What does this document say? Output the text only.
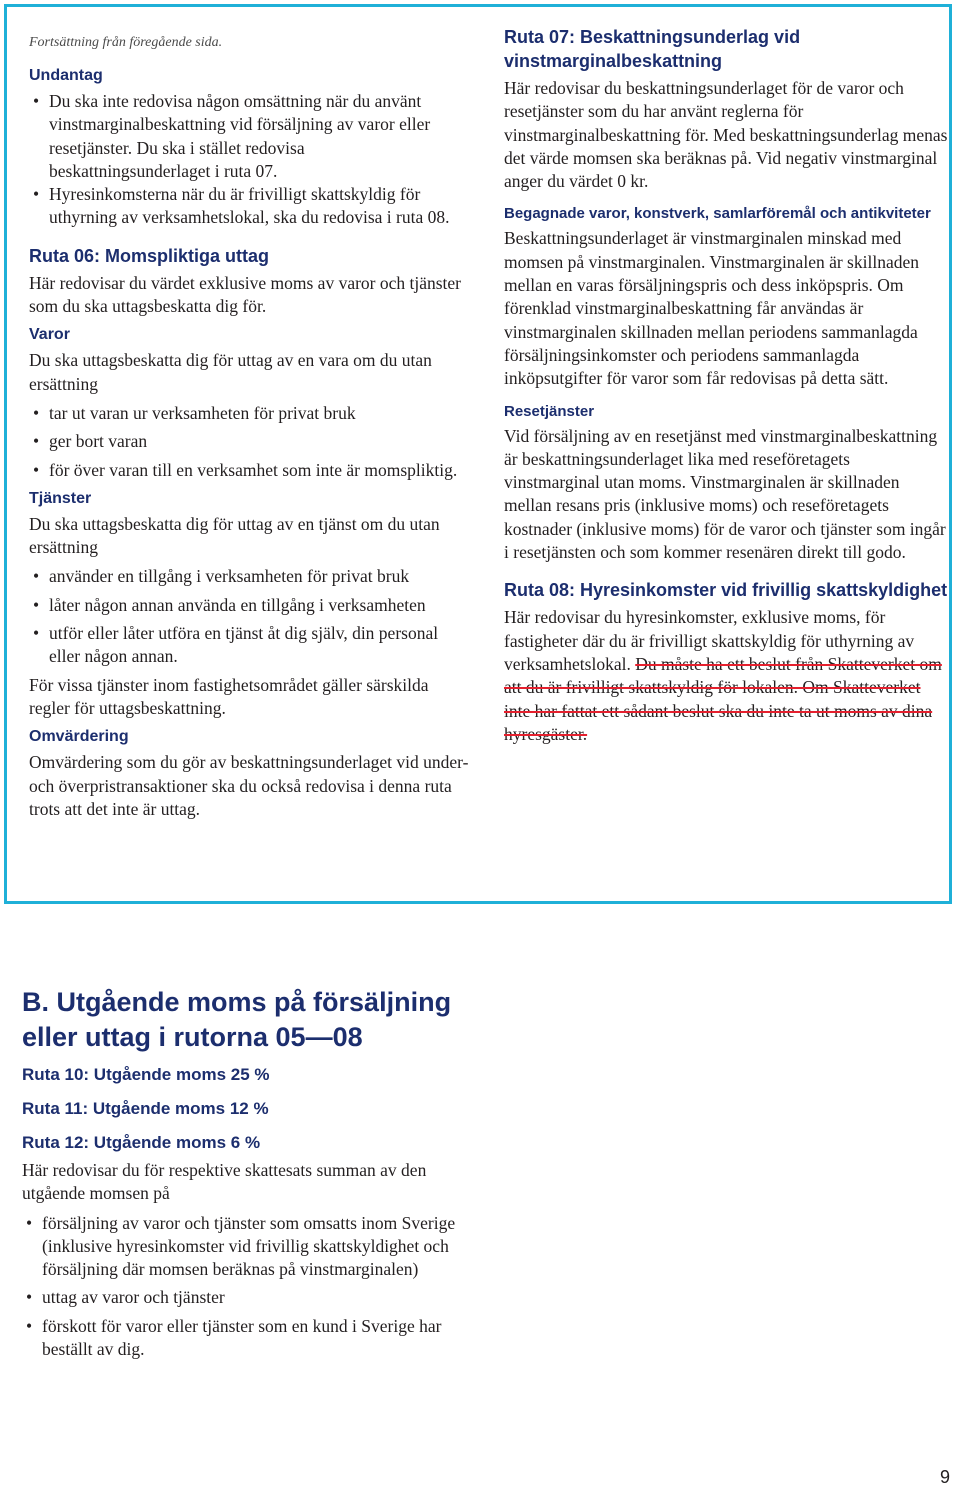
Fortsättning från föregående sida.
Undantag
• Du ska inte redovisa någon omsättning när du använt vinstmarginalbeskattning vid försäljning av varor eller resetjänster. Du ska i stället redovisa beskattningsunderlaget i ruta 07.
• Hyresinkomsterna när du är frivilligt skattskyldig för uthyrning av verksamhetslokal, ska du redovisa i ruta 08.
Ruta 06: Momspliktiga uttag
Här redovisar du värdet exklusive moms av varor och tjänster som du ska uttagsbeskatta dig för.
Varor
Du ska uttagsbeskatta dig för uttag av en vara om du utan ersättning
• tar ut varan ur verksamheten för privat bruk
• ger bort varan
• för över varan till en verksamhet som inte är momspliktig.
Tjänster
Du ska uttagsbeskatta dig för uttag av en tjänst om du utan ersättning
• använder en tillgång i verksamheten för privat bruk
• låter någon annan använda en tillgång i verksamheten
• utför eller låter utföra en tjänst åt dig själv, din personal eller någon annan.
För vissa tjänster inom fastighetsområdet gäller särskilda regler för uttagsbeskattning.
Omvärdering
Omvärdering som du gör av beskattningsunderlaget vid under- och överpristransaktioner ska du också redovisa i denna ruta trots att det inte är uttag.
Ruta 07: Beskattningsunderlag vid vinstmarginalbeskattning
Här redovisar du beskattningsunderlaget för de varor och resetjänster som du har använt reglerna för vinstmarginalbeskattning för. Med beskattningsunderlag menas det värde momsen ska beräknas på. Vid negativ vinstmarginal anger du värdet 0 kr.
Begagnade varor, konstverk, samlarföremål och antikviteter
Beskattningsunderlaget är vinstmarginalen minskad med momsen på vinstmarginalen. Vinstmarginalen är skillnaden mellan en varas försäljningspris och dess inköpspris. Om förenklad vinstmarginalbeskattning får användas är vinstmarginalen skillnaden mellan periodens sammanlagda försäljningsinkomster och periodens sammanlagda inköpsutgifter för varor som får redovisas på detta sätt.
Resetjänster
Vid försäljning av en resetjänst med vinstmarginalbeskattning är beskattningsunderlaget lika med reseföretagets vinstmarginal utan moms. Vinstmarginalen är skillnaden mellan resans pris (inklusive moms) och reseföretagets kostnader (inklusive moms) för de varor och tjänster som ingår i resetjänsten och som kommer resenären direkt till godo.
Ruta 08: Hyresinkomster vid frivillig skattskyldighet
Här redovisar du hyresinkomster, exklusive moms, för fastigheter där du är frivilligt skattskyldig för uthyrning av verksamhetslokal. Du måste ha ett beslut från Skatteverket om att du är frivilligt skattskyldig för lokalen. Om Skatteverket inte har fattat ett sådant beslut ska du inte ta ut moms av dina hyresgäster.
B. Utgående moms på försäljning eller uttag i rutorna 05—08
Ruta 10: Utgående moms 25 %
Ruta 11: Utgående moms 12 %
Ruta 12: Utgående moms 6 %
Här redovisar du för respektive skattesats summan av den utgående momsen på
• försäljning av varor och tjänster som omsatts inom Sverige (inklusive hyresinkomster vid frivillig skattskyldighet och försäljning där momsen beräknas på vinstmarginalen)
• uttag av varor och tjänster
• förskott för varor eller tjänster som en kund i Sverige har beställt av dig.
9
